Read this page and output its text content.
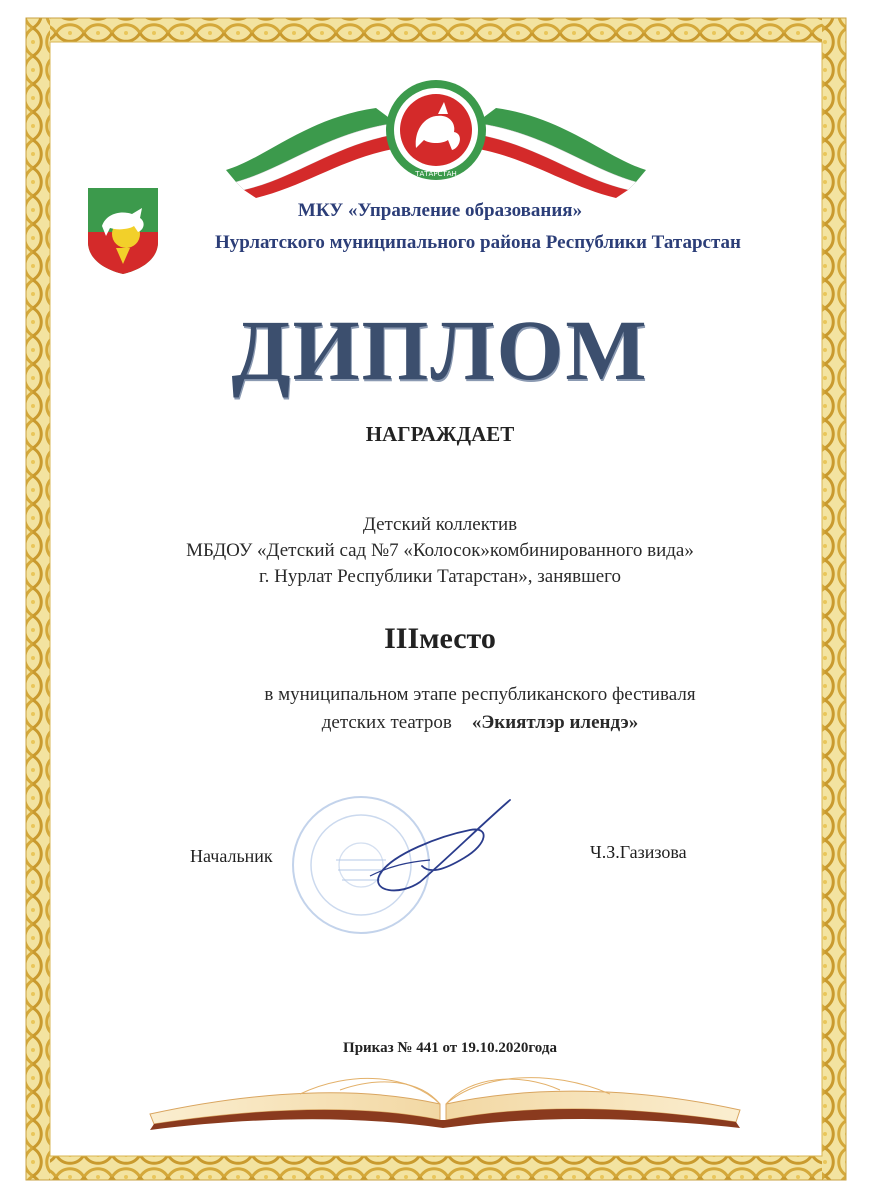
ТАТАРСТАН
МКУ «Управление образования»
Нурлатского муниципального района Республики Татарстан
ДИПЛОМ
НАГРАЖДАЕТ
Детский коллектив
МБДОУ «Детский сад №7 «Колосок»комбинированного вида»
г. Нурлат Республики Татарстан», занявшего
IIIместо
в муниципальном этапе республиканского фестиваля
детских театров «Экиятлэр илендэ»
Начальник	Ч.З.Газизова
Приказ № 441 от 19.10.2020года
